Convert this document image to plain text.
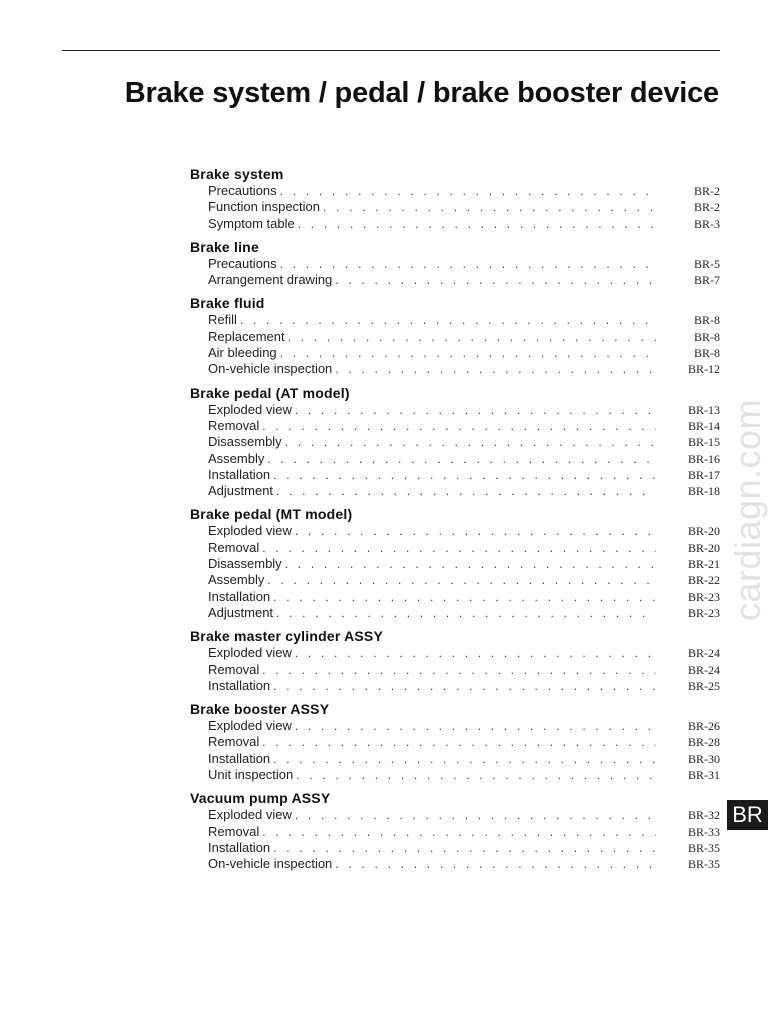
Brake system / pedal / brake booster device
Brake system
Precautions . . .	BR-2
Function inspection . . .	BR-2
Symptom table . . .	BR-3
Brake line
Precautions . . .	BR-5
Arrangement drawing . . .	BR-7
Brake fluid
Refill . . .	BR-8
Replacement . . .	BR-8
Air bleeding . . .	BR-8
On-vehicle inspection . . .	BR-12
Brake pedal (AT model)
Exploded view . . .	BR-13
Removal . . .	BR-14
Disassembly . . .	BR-15
Assembly . . .	BR-16
Installation . . .	BR-17
Adjustment . . .	BR-18
Brake pedal (MT model)
Exploded view . . .	BR-20
Removal . . .	BR-20
Disassembly . . .	BR-21
Assembly . . .	BR-22
Installation . . .	BR-23
Adjustment . . .	BR-23
Brake master cylinder ASSY
Exploded view . . .	BR-24
Removal . . .	BR-24
Installation . . .	BR-25
Brake booster ASSY
Exploded view . . .	BR-26
Removal . . .	BR-28
Installation . . .	BR-30
Unit inspection . . .	BR-31
Vacuum pump ASSY
Exploded view . . .	BR-32
Removal . . .	BR-33
Installation . . .	BR-35
On-vehicle inspection . . .	BR-35
cardiagn.com
BR
